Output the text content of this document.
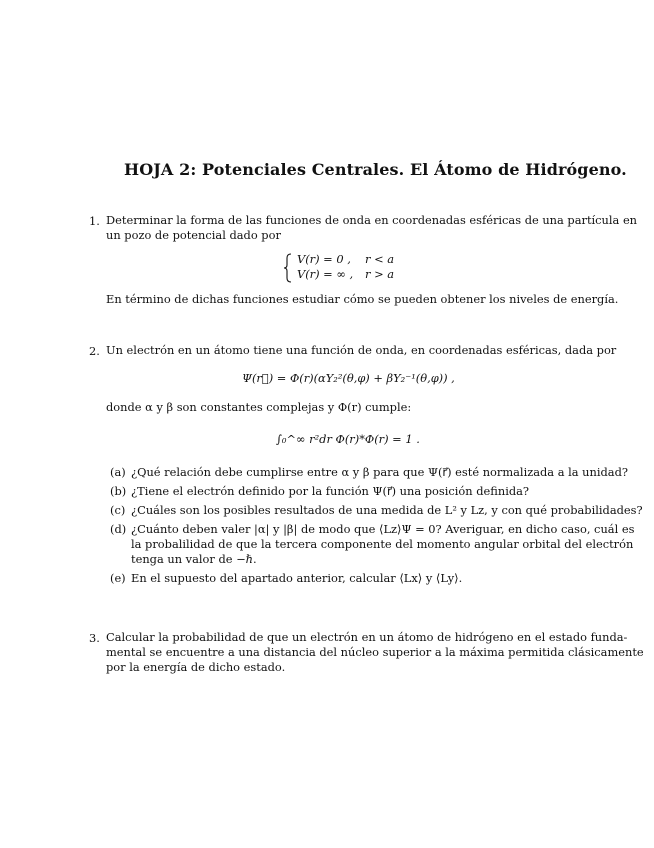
HOJA 2: Potenciales Centrales. El Átomo de Hidrógeno.
1. Determinar la forma de las funciones de onda en coordenadas esféricas de una partícula en
un pozo de potencial dado por
V(r) = 0 , r < a
V(r) = ∞ , r > a
En término de dichas funciones estudiar cómo se pueden obtener los niveles de energía.
2. Un electrón en un átomo tiene una función de onda, en coordenadas esféricas, dada por
Ψ(r⃗) = Φ(r)(αY₂²(θ,φ) + βY₂⁻¹(θ,φ)) ,
donde α y β son constantes complejas y Φ(r) cumple:
∫₀^∞ r²dr Φ(r)*Φ(r) = 1 .
(a) ¿Qué relación debe cumplirse entre α y β para que Ψ(r⃗) esté normalizada a la unidad?
(b) ¿Tiene el electrón definido por la función Ψ(r⃗) una posición definida?
(c) ¿Cuáles son los posibles resultados de una medida de L² y Lz, y con qué probabilidades?
(d) ¿Cuánto deben valer |α| y |β| de modo que ⟨Lz⟩Ψ = 0? Averiguar, en dicho caso, cuál es
la probalilidad de que la tercera componente del momento angular orbital del electrón
tenga un valor de −ℏ.
(e) En el supuesto del apartado anterior, calcular ⟨Lx⟩ y ⟨Ly⟩.
3. Calcular la probabilidad de que un electrón en un átomo de hidrógeno en el estado funda-
mental se encuentre a una distancia del núcleo superior a la máxima permitida clásicamente
por la energía de dicho estado.
